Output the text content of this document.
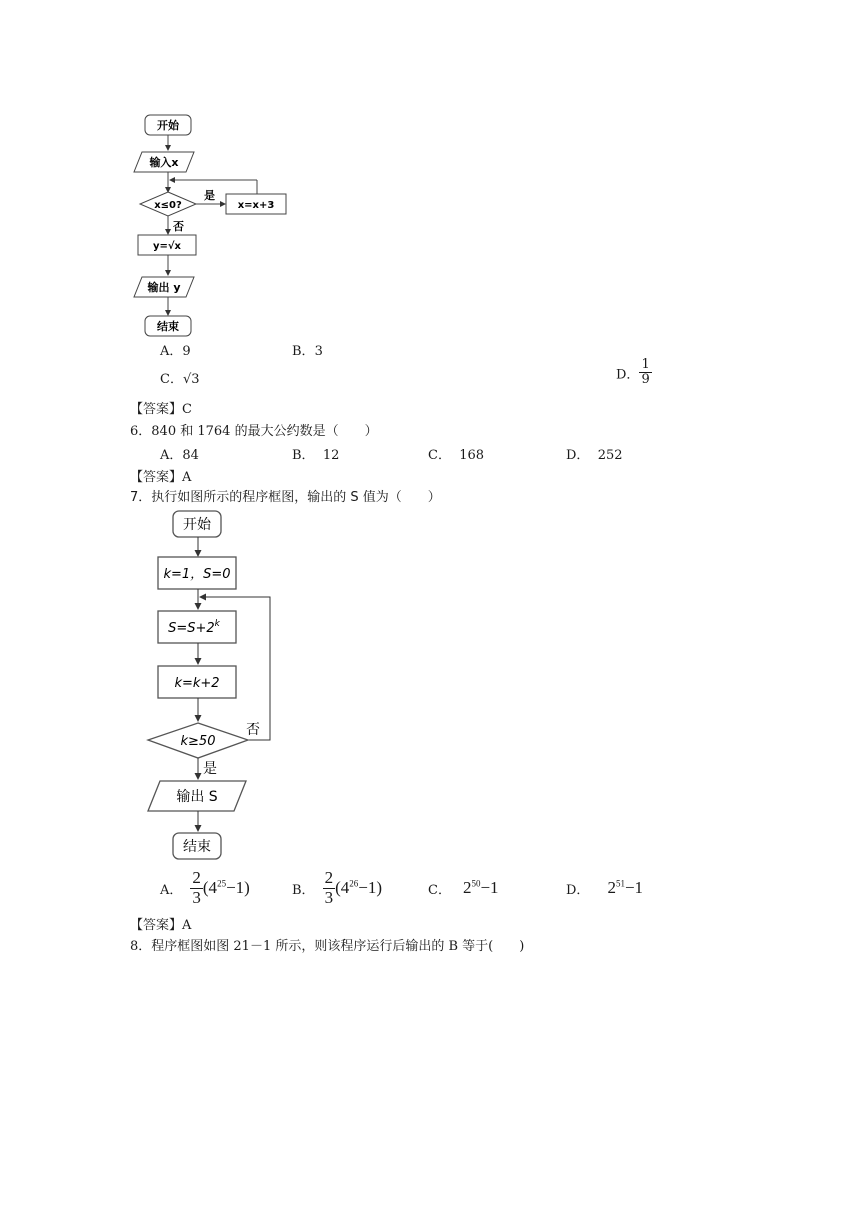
开始
输入x
x≤0?
是
x=x+3
否
y=√x
输出 y
结束
A．9	B．3
C．√3	D． $\frac{1}{9}$
【答案】C
6．840 和 1764 的最大公约数是（　　）
A．84	B． 12	C． 168	D． 252
【答案】A
7．执行如图所示的程序框图，输出的 S 值为（　　）
开始
k=1，S=0
$S=S+2^k$
k=k+2
k≥50
否
是
输出 S
结束
A． $\frac{2}{3} (4^{25}-1)$	B． $\frac{2}{3} (4^{26}-1)$	C． $2^{50}-1$	D． $2^{51}-1$
【答案】A
8．程序框图如图 21－1 所示，则该程序运行后输出的 B 等于(　　)
